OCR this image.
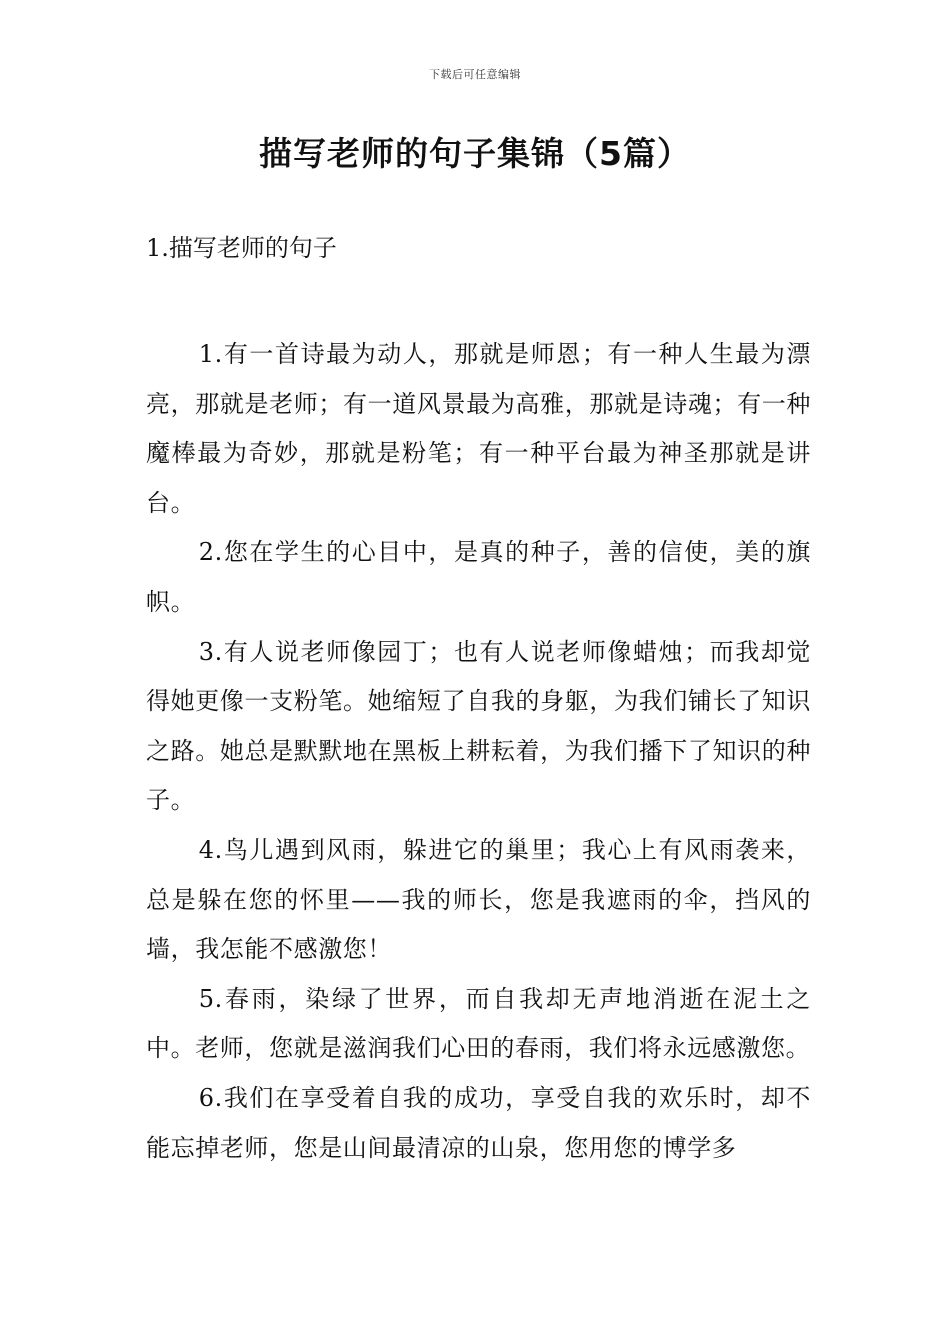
下载后可任意编辑
描写老师的句子集锦（5篇）
1.描写老师的句子

1.有一首诗最为动人，那就是师恩；有一种人生最为漂亮，那就是老师；有一道风景最为高雅，那就是诗魂；有一种魔棒最为奇妙，那就是粉笔；有一种平台最为神圣那就是讲台。

2.您在学生的心目中，是真的种子，善的信使，美的旗帜。

3.有人说老师像园丁；也有人说老师像蜡烛；而我却觉得她更像一支粉笔。她缩短了自我的身躯，为我们铺长了知识之路。她总是默默地在黑板上耕耘着，为我们播下了知识的种子。

4.鸟儿遇到风雨，躲进它的巢里；我心上有风雨袭来，总是躲在您的怀里——我的师长，您是我遮雨的伞，挡风的墙，我怎能不感激您！

5.春雨，染绿了世界，而自我却无声地消逝在泥土之中。老师，您就是滋润我们心田的春雨，我们将永远感激您。

6.我们在享受着自我的成功，享受自我的欢乐时，却不能忘掉老师，您是山间最清凉的山泉，您用您的博学多
